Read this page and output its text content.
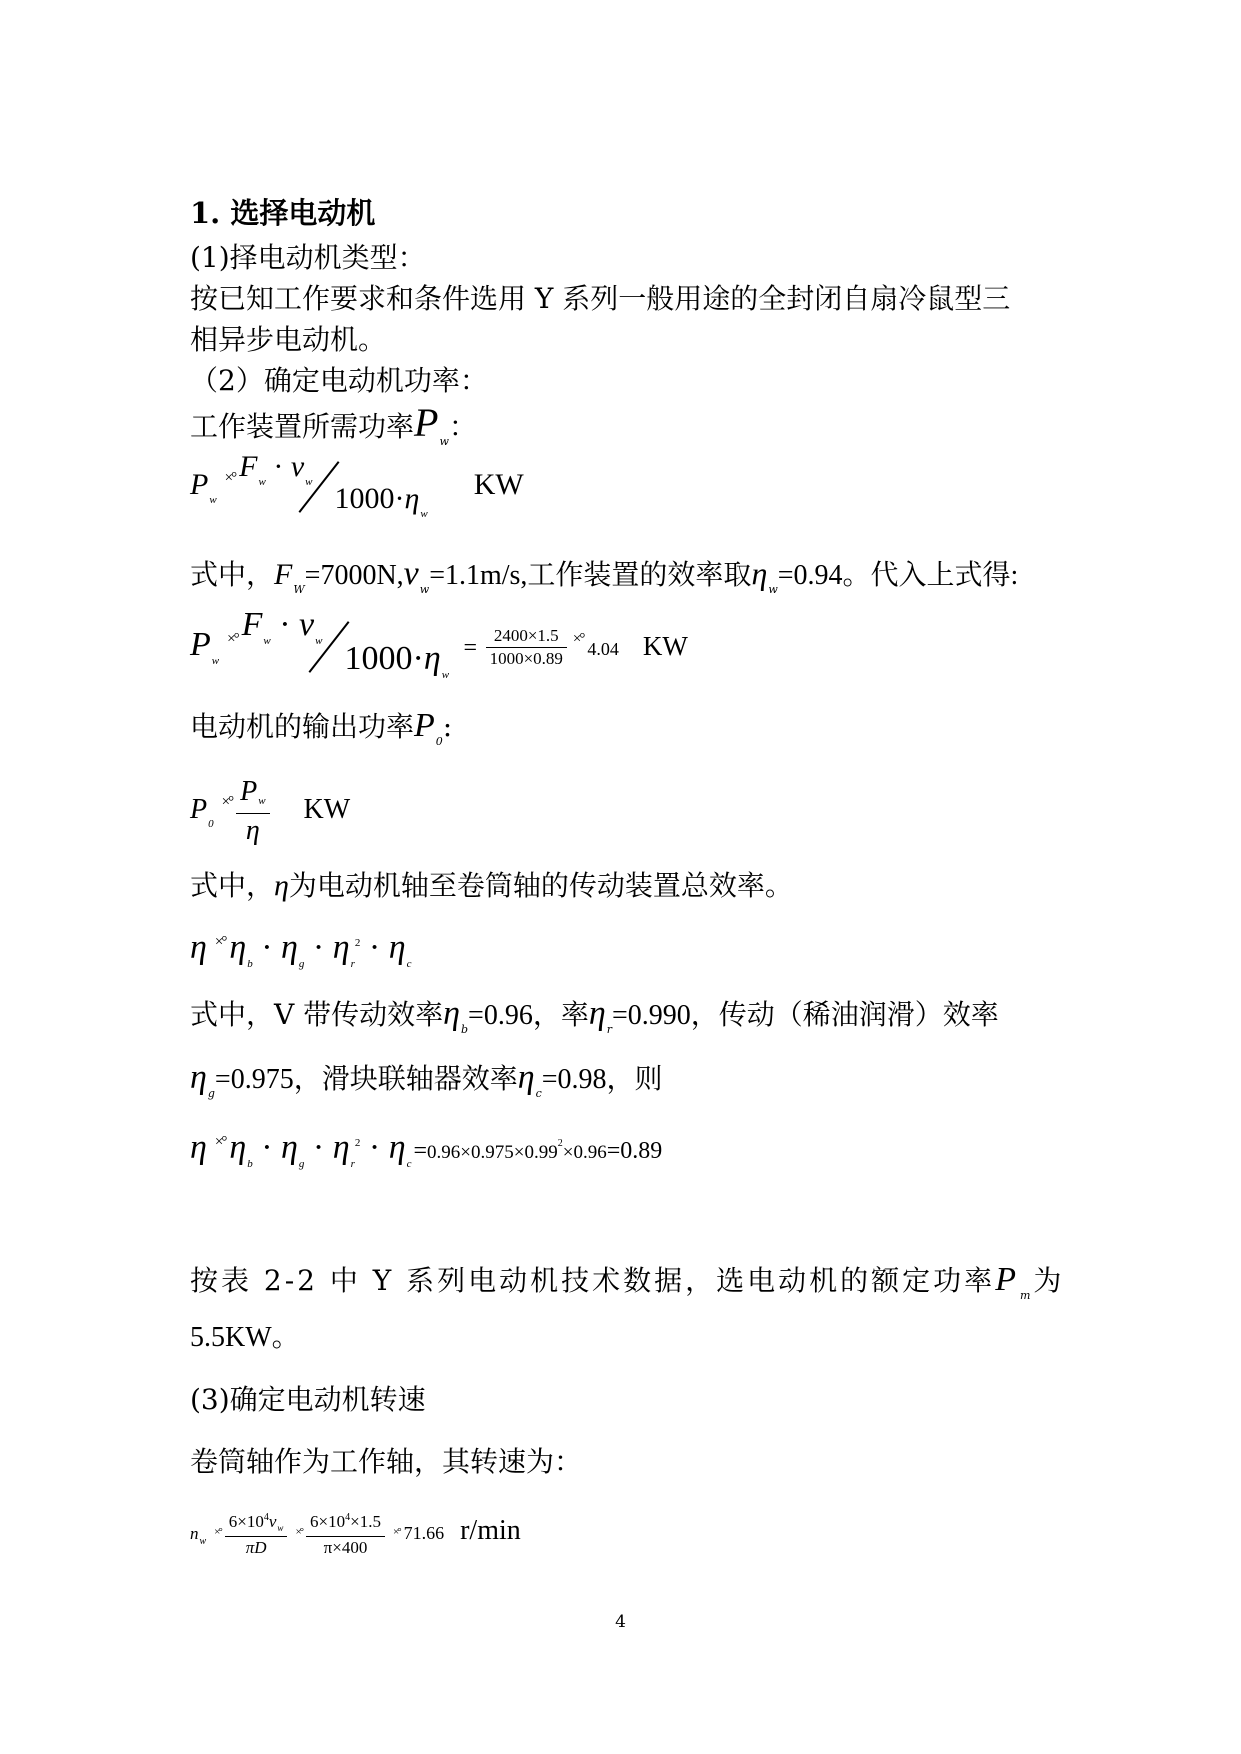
1. 选择电动机
(1)择电动机类型：
按已知工作要求和条件选用 Y 系列一般用途的全封闭自扇冷鼠型三
相异步电动机。
（2）确定电动机功率：
工作装置所需功率$P_w$：
$P_w^{\times^\circ}$ $F_w \cdot v_w$ $1000\cdot\eta_wKW$
式中，$F_W=7000N,v_w=1.1m/s$,工作装置的效率取$\eta_w=0.94$。代入上式得:
$P_w^{\times^\circ}$ $F_w \cdot v_w$ $1000\cdot\eta_w = \frac{2400\times 1.5}{1000\times 0.89} ^{\times^\circ}$ 4.04 KW
电动机的输出功率$P_0$:
$P_0^{\times^\circ} \frac{Pw}{\eta}$ KW
式中，η为电动机轴至卷筒轴的传动装置总效率。
η ×° $\eta_b \cdot \eta_g \cdot \eta_r^2 \cdot \eta_c$
式中，V 带传动效率$\eta_b=0.96$，率$\eta_r=0.990$，传动（稀油润滑）效率
$\eta_g=0.975$，滑块联轴器效率$\eta_c=0.98$，则
η ×° $\eta_b \cdot \eta_g \cdot \eta_r^2 \cdot \eta_c=0.96\times 0.975\times 0.99^2\times 0.96=0.89$
按表 2-2 中 Y 系列电动机技术数据，选电动机的额定功率$P_m$为
5.5KW。
(3)确定电动机转速
卷筒轴作为工作轴，其转速为：
$n_w^{\times^\circ} \frac{6\times 10^4v_w}{\pi D} ^{\times^\circ} \frac{6\times 10^4\times 1.5}{\pi\times 400} ^{\times^\circ}$ 71.66 r/min
4
